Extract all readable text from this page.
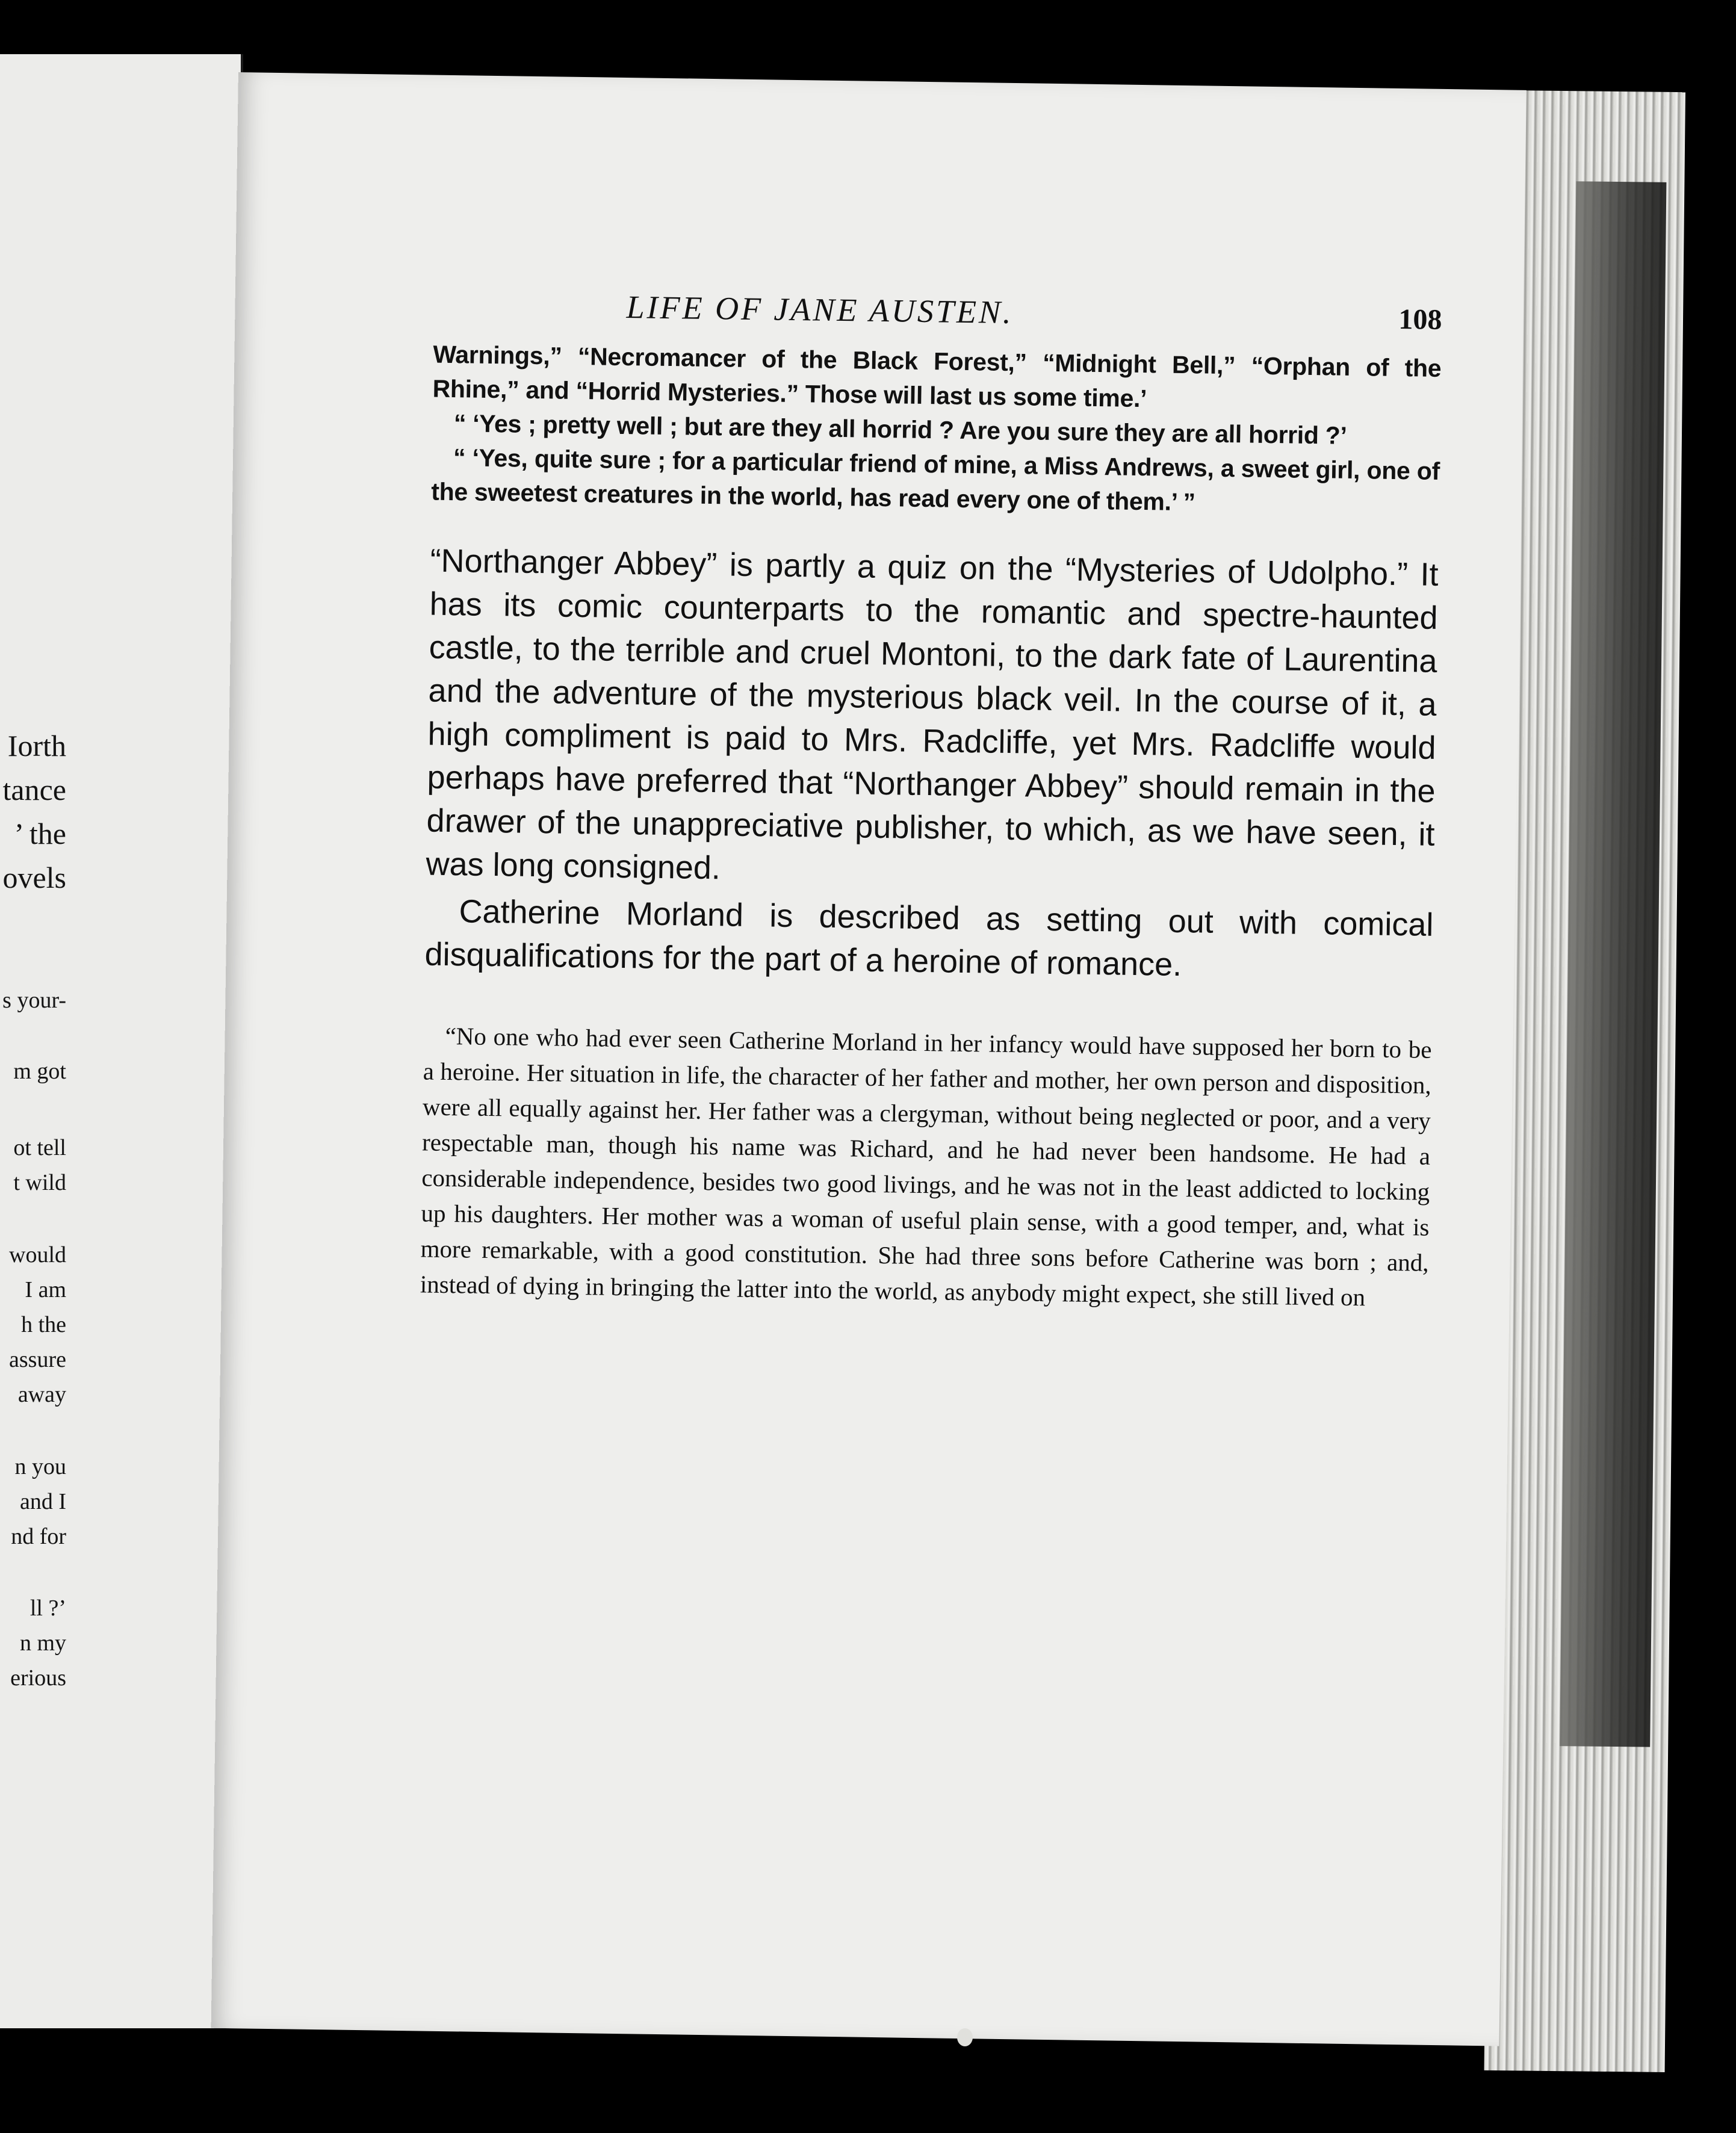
Iorth
tance
’ the
ovels
s your-
m got
ot tell
t wild
would
I am
h the
assure
away
n you
and I
nd for
ll ?’
n my
erious
LIFE OF JANE AUSTEN.	108

Warnings,” “Necromancer of the Black Forest,” “Midnight Bell,” “Orphan of the Rhine,” and “Horrid Mysteries.” Those will last us some time.’

“ ‘Yes ; pretty well ; but are they all horrid ? Are you sure they are all horrid ?’

“ ‘Yes, quite sure ; for a particular friend of mine, a Miss Andrews, a sweet girl, one of the sweetest creatures in the world, has read every one of them.’ ”

“Northanger Abbey” is partly a quiz on the “Mysteries of Udolpho.” It has its comic counterparts to the romantic and spectre-haunted castle, to the terrible and cruel Montoni, to the dark fate of Laurentina and the adventure of the mysterious black veil. In the course of it, a high compliment is paid to Mrs. Radcliffe, yet Mrs. Radcliffe would perhaps have preferred that “Northanger Abbey” should remain in the drawer of the unappreciative publisher, to which, as we have seen, it was long consigned.

Catherine Morland is described as setting out with comical disqualifications for the part of a heroine of romance.

“No one who had ever seen Catherine Morland in her infancy would have supposed her born to be a heroine. Her situation in life, the character of her father and mother, her own person and disposition, were all equally against her. Her father was a clergyman, without being neglected or poor, and a very respectable man, though his name was Richard, and he had never been handsome. He had a considerable independence, besides two good livings, and he was not in the least addicted to locking up his daughters. Her mother was a woman of useful plain sense, with a good temper, and, what is more remarkable, with a good constitution. She had three sons before Catherine was born ; and, instead of dying in bringing the latter into the world, as anybody might expect, she still lived on
